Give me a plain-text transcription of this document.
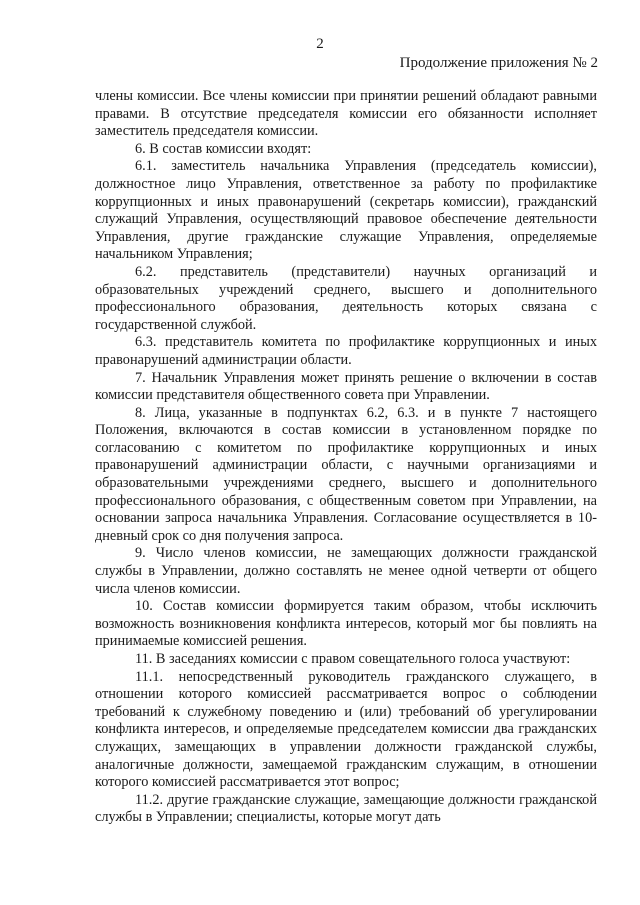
2
Продолжение приложения № 2

члены комиссии. Все члены комиссии при принятии решений обладают равными правами. В отсутствие председателя комиссии его обязанности исполняет заместитель председателя комиссии.

6. В состав комиссии входят:

6.1. заместитель начальника Управления (председатель комиссии), должностное лицо Управления, ответственное за работу по профилактике коррупционных и иных правонарушений (секретарь комиссии), гражданский служащий Управления, осуществляющий правовое обеспечение деятельности Управления, другие гражданские служащие Управления, определяемые начальником Управления;

6.2. представитель (представители) научных организаций и образовательных учреждений среднего, высшего и дополнительного профессионального образования, деятельность которых связана с государственной службой.

6.3. представитель комитета по профилактике коррупционных и иных правонарушений администрации области.

7. Начальник Управления может принять решение о включении в состав комиссии представителя общественного совета при Управлении.

8. Лица, указанные в подпунктах 6.2, 6.3. и в пункте 7 настоящего Положения, включаются в состав комиссии в установленном порядке по согласованию с комитетом по профилактике коррупционных и иных правонарушений администрации области, с научными организациями и образовательными учреждениями среднего, высшего и дополнительного профессионального образования, с общественным советом при Управлении, на основании запроса начальника Управления. Согласование осуществляется в 10-дневный срок со дня получения запроса.

9. Число членов комиссии, не замещающих должности гражданской службы в Управлении, должно составлять не менее одной четверти от общего числа членов комиссии.

10. Состав комиссии формируется таким образом, чтобы исключить возможность возникновения конфликта интересов, который мог бы повлиять на принимаемые комиссией решения.

11. В заседаниях комиссии с правом совещательного голоса участвуют:

11.1. непосредственный руководитель гражданского служащего, в отношении которого комиссией рассматривается вопрос о соблюдении требований к служебному поведению и (или) требований об урегулировании конфликта интересов, и определяемые председателем комиссии два гражданских служащих, замещающих в управлении должности гражданской службы, аналогичные должности, замещаемой гражданским служащим, в отношении которого комиссией рассматривается этот вопрос;

11.2. другие гражданские служащие, замещающие должности гражданской службы в Управлении; специалисты, которые могут дать
